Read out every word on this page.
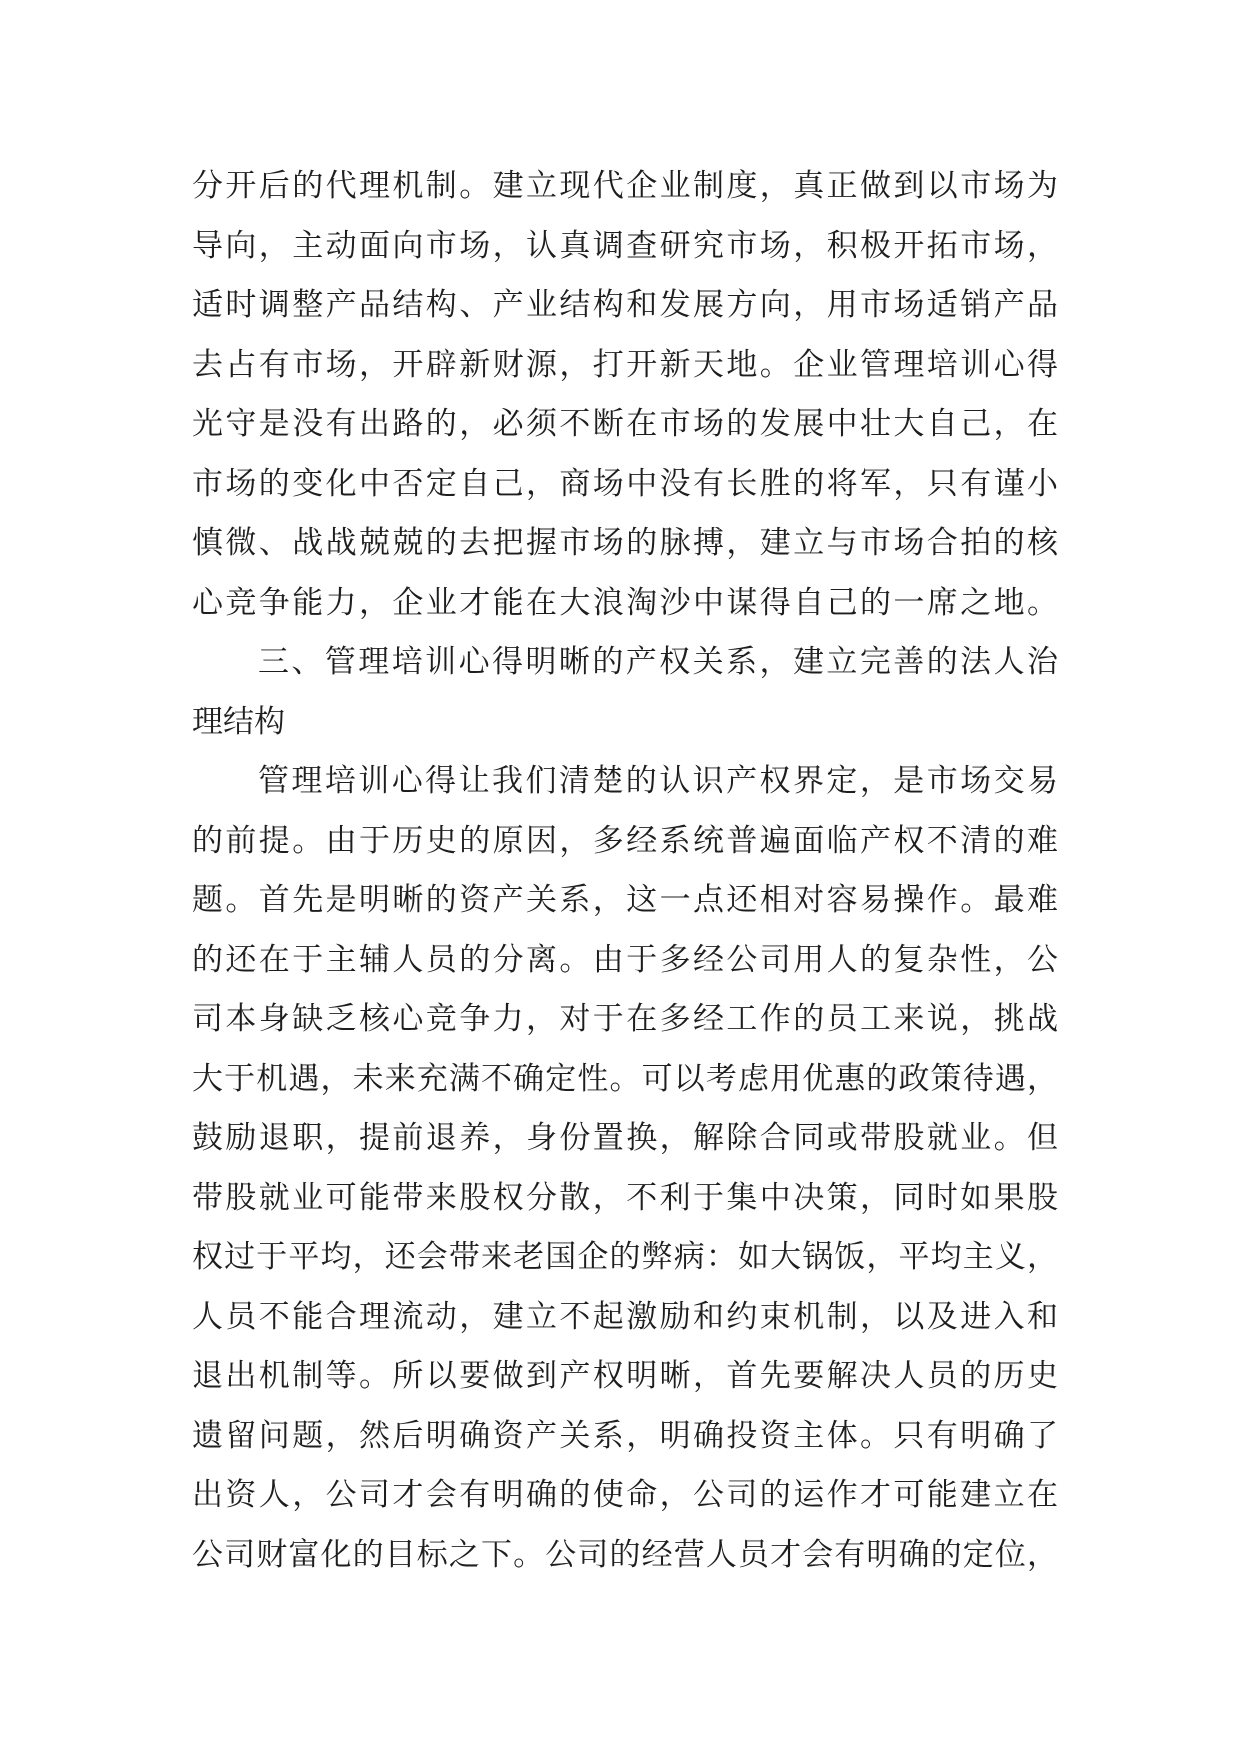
分开后的代理机制。建立现代企业制度，真正做到以市场为
导向，主动面向市场，认真调查研究市场，积极开拓市场，
适时调整产品结构、产业结构和发展方向，用市场适销产品
去占有市场，开辟新财源，打开新天地。企业管理培训心得
光守是没有出路的，必须不断在市场的发展中壮大自己，在
市场的变化中否定自己，商场中没有长胜的将军，只有谨小
慎微、战战兢兢的去把握市场的脉搏，建立与市场合拍的核
心竞争能力，企业才能在大浪淘沙中谋得自己的一席之地。
三、管理培训心得明晰的产权关系，建立完善的法人治
理结构
管理培训心得让我们清楚的认识产权界定，是市场交易
的前提。由于历史的原因，多经系统普遍面临产权不清的难
题。首先是明晰的资产关系，这一点还相对容易操作。最难
的还在于主辅人员的分离。由于多经公司用人的复杂性，公
司本身缺乏核心竞争力，对于在多经工作的员工来说，挑战
大于机遇，未来充满不确定性。可以考虑用优惠的政策待遇，
鼓励退职，提前退养，身份置换，解除合同或带股就业。但
带股就业可能带来股权分散，不利于集中决策，同时如果股
权过于平均，还会带来老国企的弊病：如大锅饭，平均主义，
人员不能合理流动，建立不起激励和约束机制，以及进入和
退出机制等。所以要做到产权明晰，首先要解决人员的历史
遗留问题，然后明确资产关系，明确投资主体。只有明确了
出资人，公司才会有明确的使命，公司的运作才可能建立在
公司财富化的目标之下。公司的经营人员才会有明确的定位，
